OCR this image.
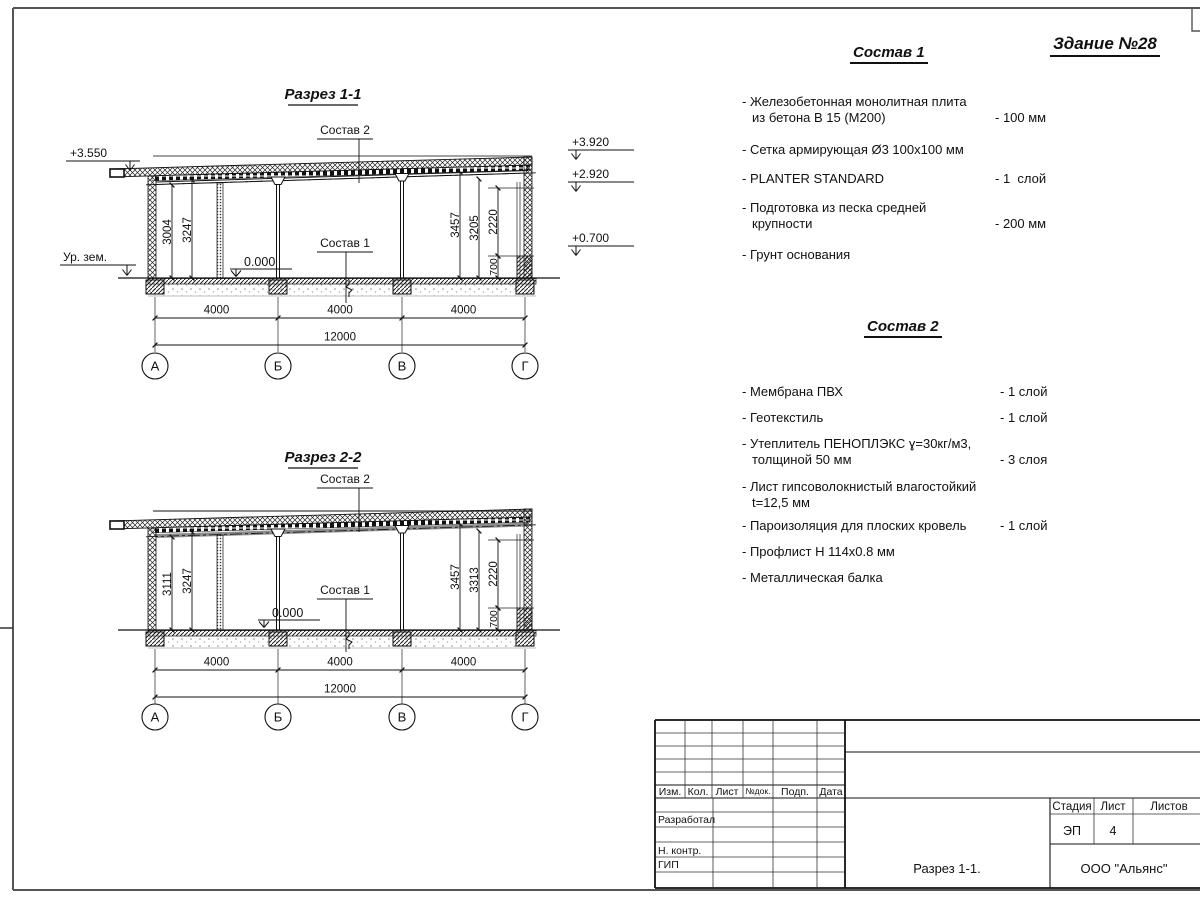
Разрез 1-1
4000	4000	4000
12000
А	Б	В	Г
3004 3247	3457 3205 2220
700
+3.550
Ур. зем.	0.000
+3.920
+2.920
+0.700
Состав 2
Состав 1
Разрез 2-2
4000	4000	4000
12000
А	Б	В	Г
3111 3247	3457 3313 2220
700
0.000
Состав 2
Состав 1
Изм. Кол. Лист №док. Подп. Дата
Разработал
Н. контр.
ГИП
Стадия Лист Листов
ЭП 4
Разрез 1-1.	ООО "Альянс"
Здание №28
Состав 1
- Железобетонная монолитная плита
из бетона В 15 (М200)	- 100 мм
- Сетка армирующая Ø3 100х100 мм
- PLANTER STANDARD	- 1  слой
- Подготовка из песка средней
крупности	- 200 мм
- Грунт основания
Состав 2
- Мембрана ПВХ	- 1 слой
- Геотекстиль	- 1 слой
- Утеплитель ПЕНОПЛЭКС ɣ=30кг/м3,
толщиной 50 мм	- 3 слоя
- Лист гипсоволокнистый влагостойкий
t=12,5 мм
- Пароизоляция для плоских кровель	- 1 слой
- Профлист Н 114х0.8 мм
- Металлическая балка
